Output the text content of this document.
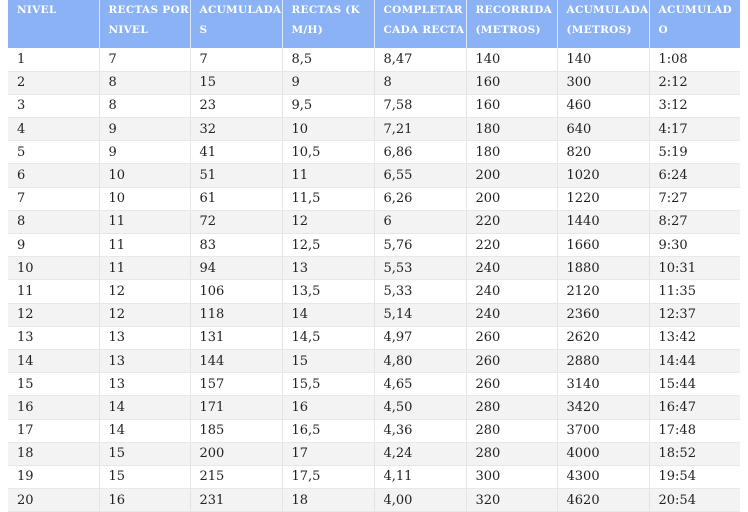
NIVEL	RECTAS POR NIVEL	ACUMULADAS	RECTAS (KM/H)	COMPLETAR CADA RECTA	RECORRIDA (METROS)	ACUMULADA (METROS)	ACUMULADO
1	7	7	8,5	8,47	140	140	1:08
2	8	15	9	8	160	300	2:12
3	8	23	9,5	7,58	160	460	3:12
4	9	32	10	7,21	180	640	4:17
5	9	41	10,5	6,86	180	820	5:19
6	10	51	11	6,55	200	1020	6:24
7	10	61	11,5	6,26	200	1220	7:27
8	11	72	12	6	220	1440	8:27
9	11	83	12,5	5,76	220	1660	9:30
10	11	94	13	5,53	240	1880	10:31
11	12	106	13,5	5,33	240	2120	11:35
12	12	118	14	5,14	240	2360	12:37
13	13	131	14,5	4,97	260	2620	13:42
14	13	144	15	4,80	260	2880	14:44
15	13	157	15,5	4,65	260	3140	15:44
16	14	171	16	4,50	280	3420	16:47
17	14	185	16,5	4,36	280	3700	17:48
18	15	200	17	4,24	280	4000	18:52
19	15	215	17,5	4,11	300	4300	19:54
20	16	231	18	4,00	320	4620	20:54
